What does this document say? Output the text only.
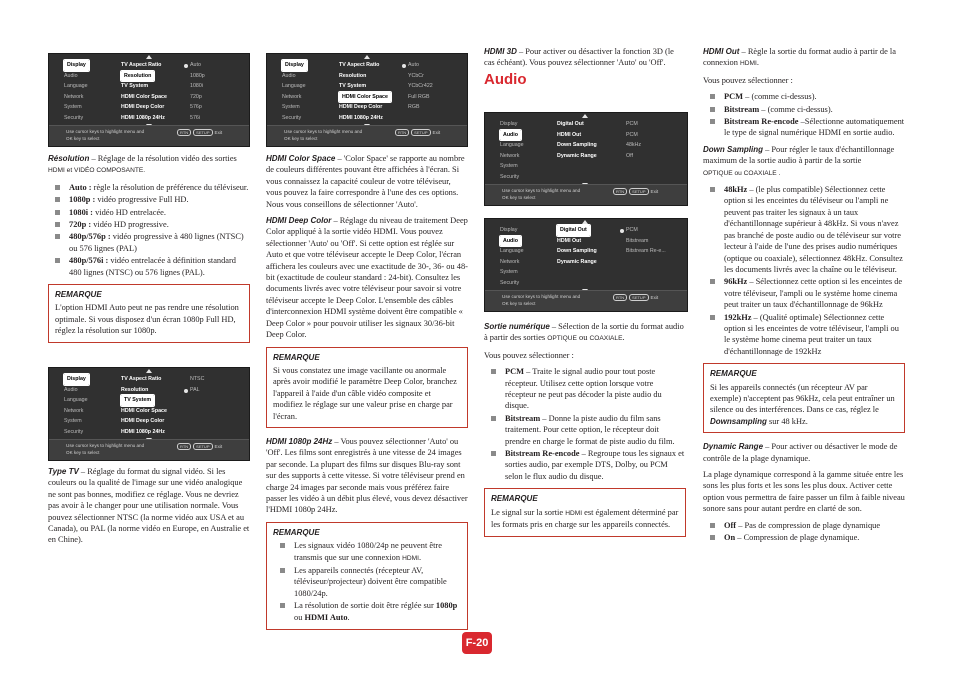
Display	TV Aspect Ratio	Auto
Audio	Resolution	1080p
Language	TV System	1080i
Network	HDMI Color Space	720p
System	HDMI Deep Color	576p
Security	HDMI 1080p 24Hz	576i
Use cursor keys to highlight menu and
OK key to select
RTN SETUP Exit
Display	TV Aspect Ratio	NTSC
Audio	Resolution	PAL
Language	TV System
Network	HDMI Color Space
System	HDMI Deep Color
Security	HDMI 1080p 24Hz
Use cursor keys to highlight menu and
OK key to select
RTN SETUP Exit
Display	TV Aspect Ratio	Auto
Audio	Resolution	YCbCr
Language	TV System	YCbCr422
Network	HDMI Color Space	Full RGB
System	HDMI Deep Color	RGB
Security	HDMI 1080p 24Hz
Use cursor keys to highlight menu and
OK key to select
RTN SETUP Exit
Display	Digital Out	PCM
Audio	HDMI Out	PCM
Language	Down Sampling	48kHz
Network	Dynamic Range	Off
System
Security
Use cursor keys to highlight menu and
OK key to select
RTN SETUP Exit
Display	Digital Out	PCM
Audio	HDMI Out	Bitstream
Language	Down Sampling	Bitstream Re-e...
Network	Dynamic Range
System
Security
Use cursor keys to highlight menu and
OK key to select
RTN SETUP Exit

Résolution – Réglage de la résolution vidéo des sorties
HDMI et VIDÉO COMPOSANTE.

Auto : règle la résolution de préférence du téléviseur.
1080p : vidéo progressive Full HD.
1080i : vidéo HD entrelacée.
720p : vidéo HD progressive.
480p/576p : vidéo progressive à 480 lignes (NTSC) ou 576 lignes (PAL)
480p/576i : vidéo entrelacée à définition standard 480 lignes (NTSC) ou 576 lignes (PAL).
REMARQUE
L'option HDMI Auto peut ne pas rendre une résolution optimale. Si vous disposez d'un écran 1080p Full HD, réglez la résolution sur 1080p.

Type TV – Réglage du format du signal vidéo. Si les couleurs ou la qualité de l'image sur une vidéo analogique ne sont pas bonnes, modifiez ce réglage. Vous ne devriez pas avoir à le changer pour une utilisation normale. Vous pouvez sélectionner NTSC (la norme vidéo aux USA et au Canada), ou PAL (la norme vidéo en Europe, en Australie et en Chine).

HDMI Color Space – 'Color Space' se rapporte au nombre de couleurs différentes pouvant être affichées à l'écran. Si vous connaissez la capacité couleur de votre téléviseur, vous pouvez la faire correspondre à l'une des ces options. Nous vous conseillons de sélectionner 'Auto'.

HDMI Deep Color – Réglage du niveau de traitement Deep Color appliqué à la sortie vidéo HDMI. Vous pouvez sélectionner 'Auto' ou 'Off'. Si cette option est réglée sur Auto et que votre téléviseur accepte le Deep Color, l'écran affichera les couleurs avec une exactitude de 30-, 36- ou 48-bit (exactitude de couleur standard : 24-bit). Consultez les documents livrés avec votre téléviseur pour savoir si votre téléviseur accepte le Deep Color. L'ensemble des câbles d'interconnexion HDMI système doivent être compatible « Deep Color » pour pouvoir utiliser les signaux 30/36-bit Deep Color.

REMARQUE
Si vous constatez une image vacillante ou anormale après avoir modifié le paramètre Deep Color, branchez l'appareil à l'aide d'un câble vidéo composite et modifiez le réglage sur une valeur prise en charge par l'écran.

HDMI 1080p 24Hz – Vous pouvez sélectionner 'Auto' ou 'Off'. Les films sont enregistrés à une vitesse de 24 images par seconde. La plupart des films sur disques Blu-ray sont sur des supports à cette vitesse. Si votre téléviseur prend en charge 24 images par seconde mais vous préférez faire passer les vidéo à un débit plus élevé, vous devez désactiver l'HDMI 1080p 24Hz.

REMARQUE
Les signaux vidéo 1080/24p ne peuvent être transmis que sur une connexion HDMI.
Les appareils connectés (récepteur AV, téléviseur/projecteur) doivent être compatible 1080/24p.
La résolution de sortie doit être réglée sur 1080p ou HDMI Auto.

HDMI 3D – Pour activer ou désactiver la fonction 3D (le cas échéant). Vous pouvez sélectionner 'Auto' ou 'Off'.

Audio

Sortie numérique – Sélection de la sortie du format audio à partir des sorties OPTIQUE ou COAXIALE.

Vous pouvez sélectionner :

PCM – Traite le signal audio pour tout poste récepteur. Utilisez cette option lorsque votre récepteur ne peut pas décoder la piste audio du disque.
Bitstream – Donne la piste audio du film sans traitement. Pour cette option, le récepteur doit prendre en charge le format de piste audio du film.
Bitstream Re-encode – Regroupe tous les signaux et sorties audio, par exemple DTS, Dolby, ou PCM selon le flux audio du disque.
REMARQUE
Le signal sur la sortie HDMI est également déterminé par les formats pris en charge sur les appareils connectés.

HDMI Out – Règle la sortie du format audio à partir de la connexion HDMI.

Vous pouvez sélectionner :

PCM – (comme ci-dessus).
Bitstream – (comme ci-dessus).
Bitstream Re-encode –Sélectionne automatiquement le type de signal numérique HDMI en sortie audio.

Down Sampling – Pour régler le taux d'échantillonnage maximum de la sortie audio à partir de la sortie
OPTIQUE ou COAXIALE .

48kHz – (le plus compatible) Sélectionnez cette option si les enceintes du téléviseur ou l'ampli ne peuvent pas traiter les signaux à un taux d'échantillonnage supérieur à 48kHz. Si vous n'avez pas branché de poste audio ou de téléviseur sur votre lecteur à l'aide de l'une des prises audio numériques (optique ou coaxiale), sélectionnez 48kHz. Consultez les documents livrés avec la chaîne ou le téléviseur.
96kHz – Sélectionnez cette option si les enceintes de votre téléviseur, l'ampli ou le système home cinema peut traiter un taux d'échantillonnage de 96kHz
192kHz – (Qualité optimale) Sélectionnez cette option si les enceintes de votre téléviseur, l'ampli ou le système home cinema peut traiter un taux d'échantillonnage de 192kHz
REMARQUE
Si les appareils connectés (un récepteur AV par exemple) n'acceptent pas 96kHz, cela peut entraîner un silence ou des interférences. Dans ce cas, réglez le Downsampling sur 48 kHz.

Dynamic Range – Pour activer ou désactiver le mode de contrôle de la plage dynamique.

La plage dynamique correspond à la gamme située entre les sons les plus forts et les sons les plus doux. Activer cette option vous permettra de faire passer un film à faible niveau sonore sans pour autant perdre en clarté de son.

Off – Pas de compression de plage dynamique
On – Compression de plage dynamique.
F-20
